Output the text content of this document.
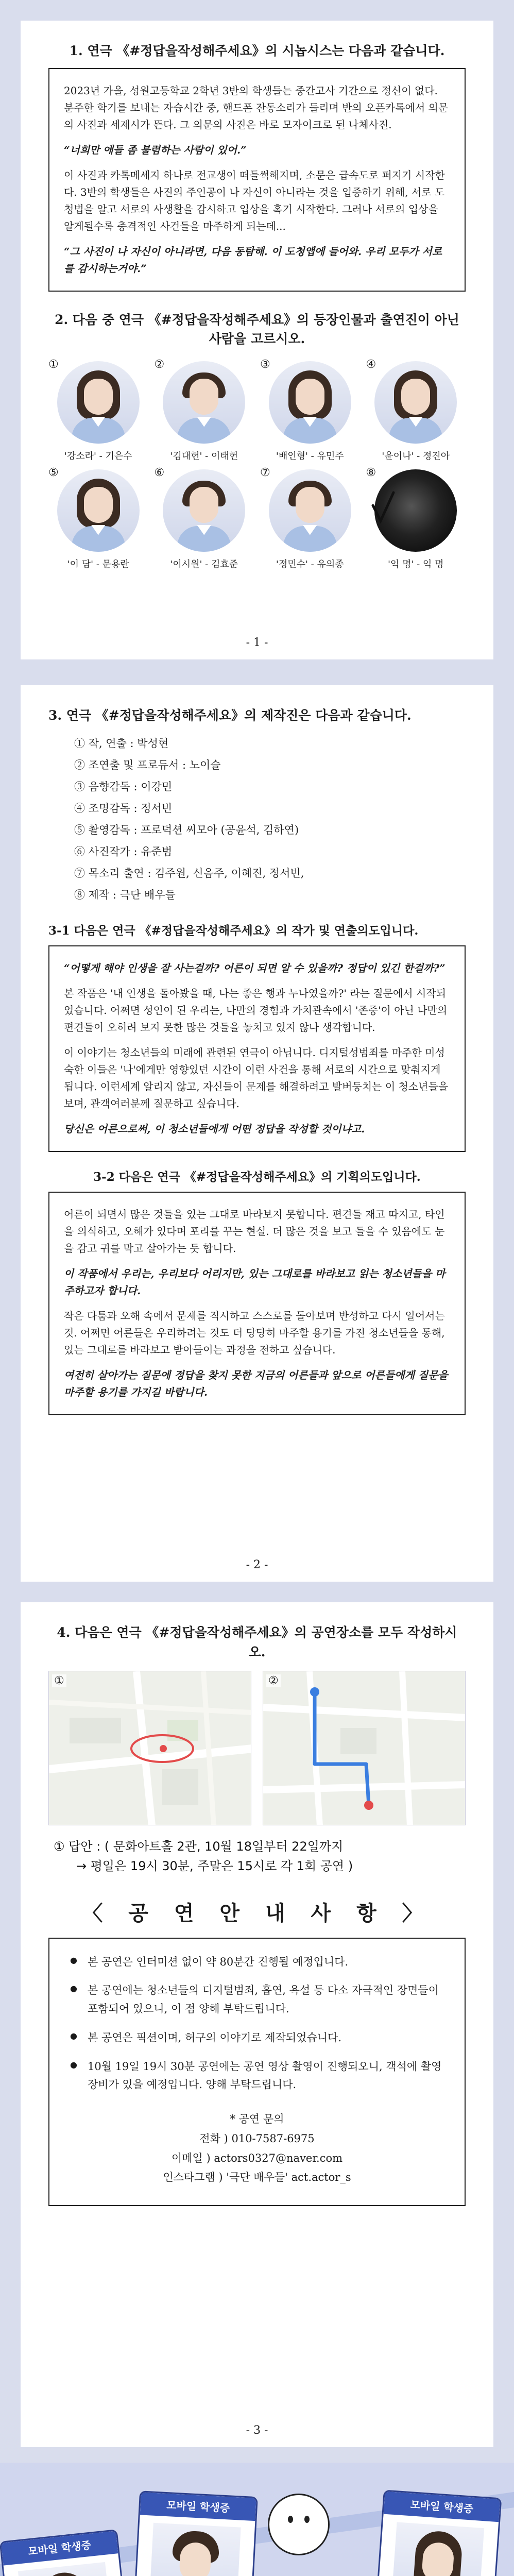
1. 연극 《#정답을작성해주세요》의 시놉시스는 다음과 같습니다.

2023년 가을, 성원고등학교 2학년 3반의 학생들는 중간고사 기간으로 정신이 없다. 분주한 학기를 보내는 자습시간 중, 핸드폰 잔동소리가 들리며 반의 오픈카톡에서 의문의 사진과 세제시가 뜬다. 그 의문의 사진은 바로 모자이크로 된 나체사진.

“너희만 애들 좀 불렴하는 사람이 있어.”

이 사진과 카톡메세지 하나로 전교생이 떠들썩해지며, 소문은 급속도로 퍼지기 시작한다. 3반의 학생들은 사진의 주인공이 나 자신이 아니라는 것을 입증하기 위해, 서로 도청법을 알고 서로의 사생활을 감시하고 입상을 혹기 시작한다. 그러나 서로의 입상을 알게될수록 충격적인 사건들을 마주하게 되는데...

“그 사진이 나 자신이 아니라면, 다음 동탐해. 이 도청앱에 들어와. 우리 모두가 서로를 감시하는거야.”

2. 다음 중 연극 《#정답을작성해주세요》의 등장인물과 출연진이 아닌 사람을 고르시오.
①
'강소라' - 기은수
②
'김대헌' - 이태헌
③
'배인형' - 유민주
④
'윤이나' - 정진아
⑤
'이 담' - 문용란
⑥
'이시원' - 김효준
⑦
'정민수' - 유의종
⑧
'익 명' - 익 명
- 1 -
3. 연극 《#정답을작성해주세요》의 제작진은 다음과 같습니다.
① 작, 연출 : 박성현
② 조연출 및 프로듀서 : 노이슬
③ 음향감독 : 이강민
④ 조명감독 : 정서빈
⑤ 촬영감독 : 프로덕션 씨모아 (공윤석, 김하연)
⑥ 사진작가 : 유준범
⑦ 목소리 출연 : 김주원, 신음주, 이혜진, 정서빈,
⑧ 제작 : 극단 배우들
3-1 다음은 연극 《#정답을작성해주세요》의 작가 및 연출의도입니다.

“어떻게 해야 인생을 잘 사는걸까? 어른이 되면 알 수 있을까? 정답이 있긴 한걸까?”

본 작품은 '내 인생을 돌아봤을 때, 나는 좋은 행과 누나였을까?' 라는 질문에서 시작되었습니다. 어쩌면 성인이 된 우리는, 나만의 경험과 가치관속에서 '존중'이 아닌 나만의 편견들이 오히려 보지 못한 많은 것들을 놓치고 있지 않나 생각합니다.

이 이야기는 청소년들의 미래에 관련된 연극이 아닙니다. 디지털성범죄를 마주한 미성숙한 이들은 '나'에게만 영향있던 시간이 이런 사건을 통해 서로의 시간으로 맞춰지게 됩니다. 이런세계 알리지 않고, 자신들이 문제를 해결하려고 발버둥치는 이 청소년들을 보며, 관객여러분께 질문하고 싶습니다.

당신은 어른으로써, 이 청소년들에게 어떤 정답을 작성할 것이냐고.

3-2 다음은 연극 《#정답을작성해주세요》의 기획의도입니다.

어른이 되면서 많은 것들을 있는 그대로 바라보지 못합니다. 편견들 재고 따지고, 타인을 의식하고, 오해가 있다며 포리를 꾸는 현실. 더 많은 것을 보고 들을 수 있음에도 눈을 감고 귀를 막고 살아가는 듯 합니다.

이 작품에서 우리는, 우리보다 어리지만, 있는 그대로를 바라보고 읽는 청소년들을 마주하고자 합니다.

작은 다툼과 오해 속에서 문제를 직시하고 스스로를 돌아보며 반성하고 다시 일어서는 것. 어쩌면 어른들은 우리하려는 것도 더 당당히 마주할 용기를 가진 청소년들을 통해, 있는 그대로를 바라보고 받아들이는 과정을 전하고 싶습니다.

여전히 살아가는 질문에 정답을 찾지 못한 지금의 어른들과 앞으로 어른들에게 질문을 마주할 용기를 가지길 바랍니다.

- 2 -
4. 다음은 연극 《#정답을작성해주세요》의 공연장소를 모두 작성하시오.
①	②
① 답안 : ( 문화아트홀 2관, 10월 18일부터 22일까지
→ 평일은 19시 30분, 주말은 15시로 각 1회 공연 )
〈 공 연 안 내 사 항 〉
● 본 공연은 인터미션 없이 약 80분간 진행될 예정입니다.
● 본 공연에는 청소년들의 디지털범죄, 흡연, 욕설 등 다소 자극적인 장면들이 포함되어 있으니, 이 점 양해 부탁드립니다.
● 본 공연은 픽션이며, 허구의 이야기로 제작되었습니다.
● 10월 19일 19시 30분 공연에는 공연 영상 촬영이 진행되오니, 객석에 촬영장비가 있을 예정입니다. 양해 부탁드립니다.
* 공연 문의
전화 ) 010-7587-6975
이메일 ) actors0327@naver.com
인스타그램 ) '극단 배우들' act.actor_s
- 3 -
모바일 학생증
모바일 학생증	모바일 학생증
